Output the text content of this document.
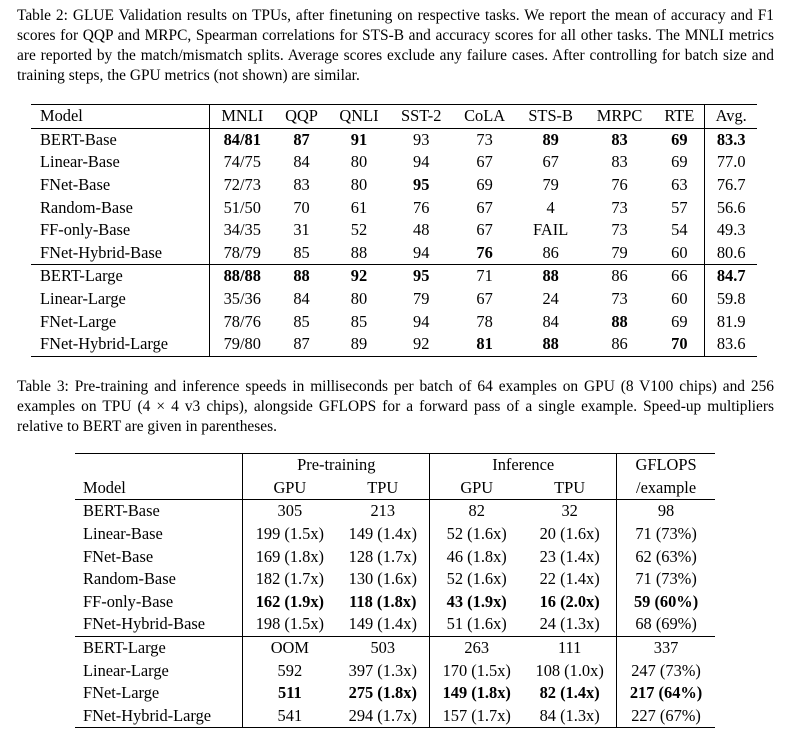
Table 2: GLUE Validation results on TPUs, after finetuning on respective tasks. We report the mean of accuracy and F1 scores for QQP and MRPC, Spearman correlations for STS-B and accuracy scores for all other tasks. The MNLI metrics are reported by the match/mismatch splits. Average scores exclude any failure cases. After controlling for batch size and training steps, the GPU metrics (not shown) are similar.

Model	MNLI	QQP	QNLI	SST-2	CoLA	STS-B	MRPC	RTE	Avg.
BERT-Base	84/81	87	91	93	73	89	83	69	83.3
Linear-Base	74/75	84	80	94	67	67	83	69	77.0
FNet-Base	72/73	83	80	95	69	79	76	63	76.7
Random-Base	51/50	70	61	76	67	4	73	57	56.6
FF-only-Base	34/35	31	52	48	67	FAIL	73	54	49.3
FNet-Hybrid-Base	78/79	85	88	94	76	86	79	60	80.6
BERT-Large	88/88	88	92	95	71	88	86	66	84.7
Linear-Large	35/36	84	80	79	67	24	73	60	59.8
FNet-Large	78/76	85	85	94	78	84	88	69	81.9
FNet-Hybrid-Large	79/80	87	89	92	81	88	86	70	83.6

Table 3: Pre-training and inference speeds in milliseconds per batch of 64 examples on GPU (8 V100 chips) and 256 examples on TPU (4 × 4 v3 chips), alongside GFLOPS for a forward pass of a single example. Speed-up multipliers relative to BERT are given in parentheses.

	Pre-training		Inference		GFLOPS
Model	GPU	TPU	GPU	TPU	/example
BERT-Base	305	213	82	32	98
Linear-Base	199 (1.5x)	149 (1.4x)	52 (1.6x)	20 (1.6x)	71 (73%)
FNet-Base	169 (1.8x)	128 (1.7x)	46 (1.8x)	23 (1.4x)	62 (63%)
Random-Base	182 (1.7x)	130 (1.6x)	52 (1.6x)	22 (1.4x)	71 (73%)
FF-only-Base	162 (1.9x)	118 (1.8x)	43 (1.9x)	16 (2.0x)	59 (60%)
FNet-Hybrid-Base	198 (1.5x)	149 (1.4x)	51 (1.6x)	24 (1.3x)	68 (69%)
BERT-Large	OOM	503	263	111	337
Linear-Large	592	397 (1.3x)	170 (1.5x)	108 (1.0x)	247 (73%)
FNet-Large	511	275 (1.8x)	149 (1.8x)	82 (1.4x)	217 (64%)
FNet-Hybrid-Large	541	294 (1.7x)	157 (1.7x)	84 (1.3x)	227 (67%)
